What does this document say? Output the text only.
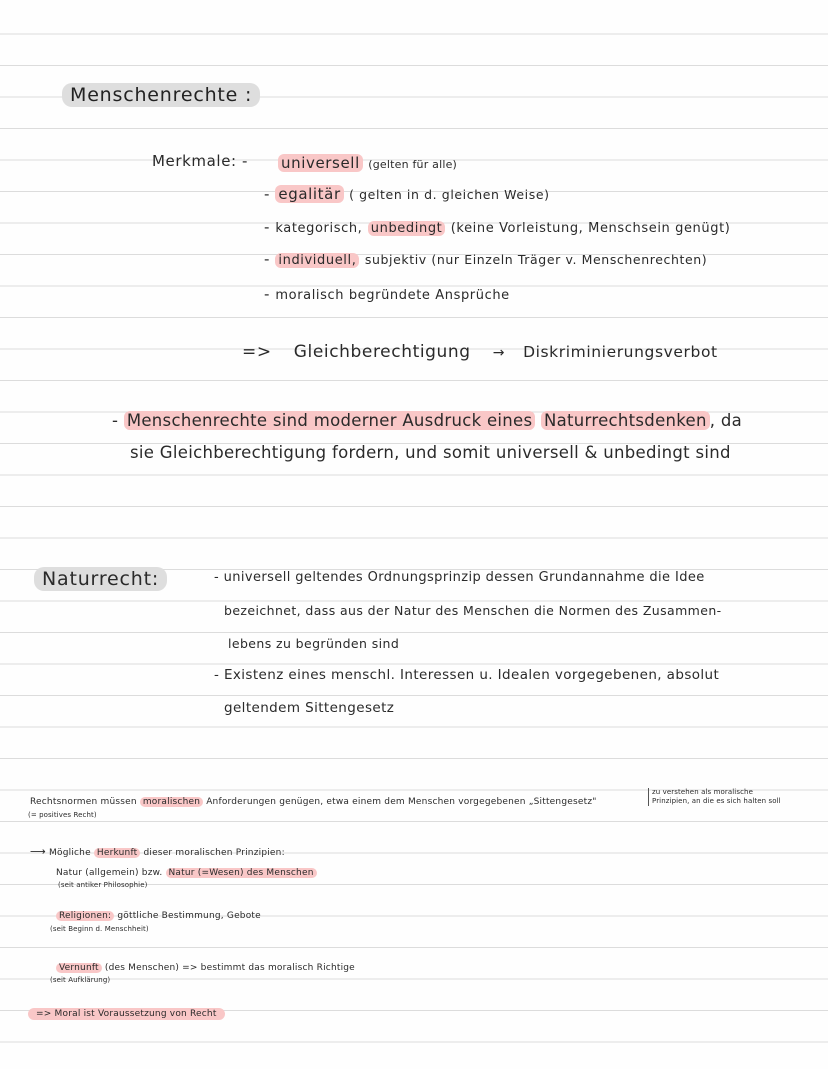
Menschenrechte :
Merkmale: - universell (gelten für alle)
- egalitär ( gelten in d. gleichen Weise)
- kategorisch, unbedingt (keine Vorleistung, Menschsein genügt)
- individuell, subjektiv (nur Einzeln Träger v. Menschenrechten)
- moralisch begründete Ansprüche
=> Gleichberechtigung → Diskriminierungsverbot
- Menschenrechte sind moderner Ausdruck eines Naturrechtsdenken , da
sie Gleichberechtigung fordern, und somit universell & unbedingt sind
Naturrecht:	- universell geltendes Ordnungsprinzip dessen Grundannahme die Idee
bezeichnet, dass aus der Natur des Menschen die Normen des Zusammen-
lebens zu begründen sind
- Existenz eines menschl. Interessen u. Idealen vorgegebenen, absolut
geltendem Sittengesetz
Rechtsnormen müssen moralischen Anforderungen genügen, etwa einem dem Menschen vorgegebenen „Sittengesetz"
(= positives Recht)
zu verstehen als moralische
Prinzipien, an die es sich halten soll
⟶ Mögliche Herkunft dieser moralischen Prinzipien:
Natur (allgemein) bzw. Natur (=Wesen) des Menschen
(seit antiker Philosophie)
Religionen: göttliche Bestimmung, Gebote
(seit Beginn d. Menschheit)
Vernunft (des Menschen) => bestimmt das moralisch Richtige
(seit Aufklärung)
=> Moral ist Voraussetzung von Recht
